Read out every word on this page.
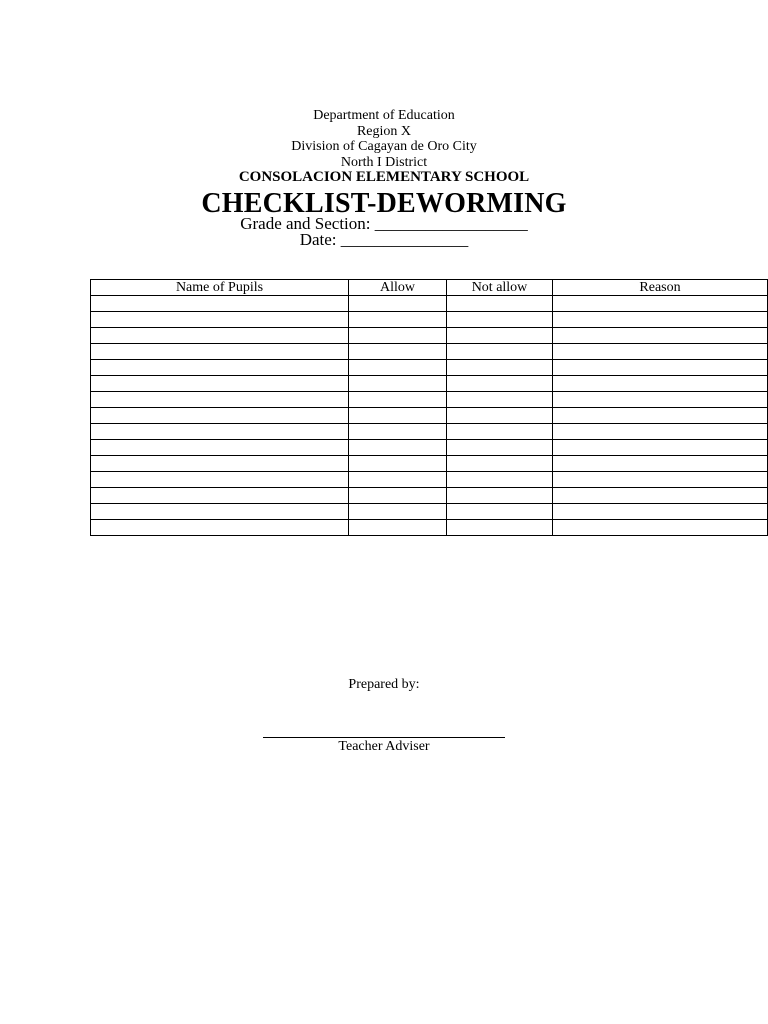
Department of Education
Region X
Division of Cagayan de Oro City
North I District
CONSOLACION ELEMENTARY SCHOOL
CHECKLIST-DEWORMING
Grade and Section: __________________
Date: _______________
Name of Pupils	Allow	Not allow	Reason

Prepared by:
Teacher Adviser
